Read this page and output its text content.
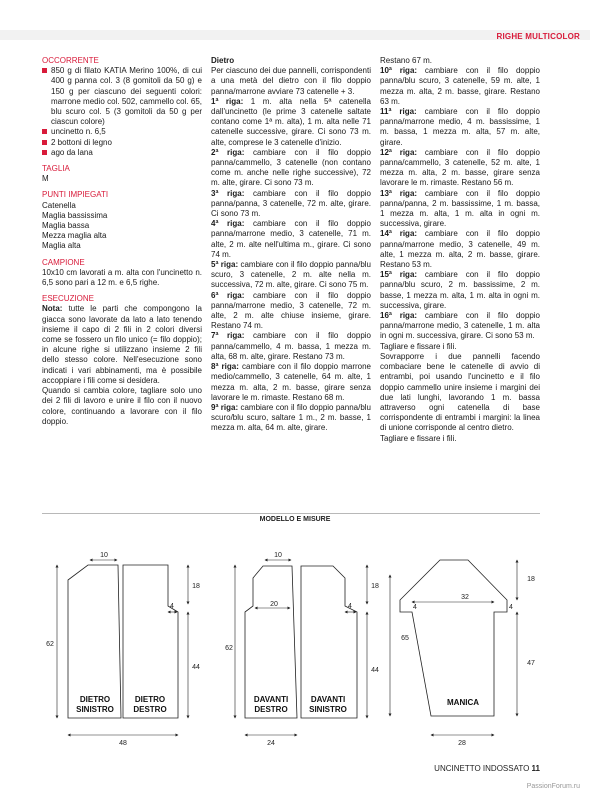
RIGHE MULTICOLOR
OCCORRENTE
850 g di filato KATIA Merino 100%, di cui 400 g panna col. 3 (8 gomitoli da 50 g) e 150 g per ciascuno dei seguenti colori: marrone medio col. 502, cammello col. 65, blu scuro col. 5 (3 gomitoli da 50 g per ciascun colore)
uncinetto n. 6,5
2 bottoni di legno
ago da lana
TAGLIA

M

PUNTI IMPIEGATI

Catenella

Maglia bassissima

Maglia bassa

Mezza maglia alta

Maglia alta

CAMPIONE

10x10 cm lavorati a m. alta con l'uncinetto n. 6,5 sono pari a 12 m. e 6,5 righe.

ESECUZIONE

Nota: tutte le parti che compongono la giacca sono lavorate da lato a lato tenendo insieme il capo di 2 fili in 2 colori diversi come se fossero un filo unico (= filo doppio); in alcune righe si utilizzano insieme 2 fili dello stesso colore. Nell'esecuzione sono indicati i vari abbinamenti, ma è possibile accoppiare i fili come si desidera.

Quando si cambia colore, tagliare solo uno dei 2 fili di lavoro e unire il filo con il nuovo colore, continuando a lavorare con il filo doppio.

Dietro

Per ciascuno dei due pannelli, corrispondenti a una metà del dietro con il filo doppio panna/marrone avviare 73 catenelle + 3.

1ª riga: 1 m. alta nella 5ª catenella dall'uncinetto (le prime 3 catenelle saltate contano come 1ª m. alta), 1 m. alta nelle 71 catenelle successive, girare. Ci sono 73 m. alte, comprese le 3 catenelle d'inizio.

2ª riga: cambiare con il filo doppio panna/cammello, 3 catenelle (non contano come m. anche nelle righe successive), 72 m. alte, girare. Ci sono 73 m.

3ª riga: cambiare con il filo doppio panna/panna, 3 catenelle, 72 m. alte, girare. Ci sono 73 m.

4ª riga: cambiare con il filo doppio panna/marrone medio, 3 catenelle, 71 m. alte, 2 m. alte nell'ultima m., girare. Ci sono 74 m.

5ª riga: cambiare con il filo doppio panna/blu scuro, 3 catenelle, 2 m. alte nella m. successiva, 72 m. alte, girare. Ci sono 75 m.

6ª riga: cambiare con il filo doppio panna/marrone medio, 3 catenelle, 72 m. alte, 2 m. alte chiuse insieme, girare. Restano 74 m.

7ª riga: cambiare con il filo doppio panna/cammello, 4 m. bassa, 1 mezza m. alta, 68 m. alte, girare. Restano 73 m.

8ª riga: cambiare con il filo doppio marrone medio/cammello, 3 catenelle, 64 m. alte, 1 mezza m. alta, 2 m. basse, girare senza lavorare le m. rimaste. Restano 68 m.

9ª riga: cambiare con il filo doppio panna/blu scuro/blu scuro, saltare 1 m., 2 m. basse, 1 mezza m. alta, 64 m. alte, girare.

Restano 67 m.

10ª riga: cambiare con il filo doppio panna/blu scuro, 3 catenelle, 59 m. alte, 1 mezza m. alta, 2 m. basse, girare. Restano 63 m.

11ª riga: cambiare con il filo doppio panna/marrone medio, 4 m. bassissime, 1 m. bassa, 1 mezza m. alta, 57 m. alte, girare.

12ª riga: cambiare con il filo doppio panna/cammello, 3 catenelle, 52 m. alte, 1 mezza m. alta, 2 m. basse, girare senza lavorare le m. rimaste. Restano 56 m.

13ª riga: cambiare con il filo doppio panna/panna, 2 m. bassissime, 1 m. bassa, 1 mezza m. alta, 1 m. alta in ogni m. successiva, girare.

14ª riga: cambiare con il filo doppio panna/marrone medio, 3 catenelle, 49 m. alte, 1 mezza m. alta, 2 m. basse, girare. Restano 53 m.

15ª riga: cambiare con il filo doppio panna/blu scuro, 2 m. bassissime, 2 m. basse, 1 mezza m. alta, 1 m. alta in ogni m. successiva, girare.

16ª riga: cambiare con il filo doppio panna/marrone medio, 3 catenelle, 1 m. alta in ogni m. successiva, girare. Ci sono 53 m.

Tagliare e fissare i fili.

Sovrapporre i due pannelli facendo combaciare bene le catenelle di avvio di entrambi, poi usando l'uncinetto e il filo doppio cammello unire insieme i margini dei due lati lunghi, lavorando 1 m. bassa attraverso ogni catenella di base corrispondente di entrambi i margini: la linea di unione corrisponde al centro dietro.

Tagliare e fissare i fili.

MODELLO E MISURE
10
62
18
4
44
48
10
20
62
18
4
44
24
32
4	4
65
18
47
28
DIETRO
SINISTRO
DIETRO
DESTRO
DAVANTI
DESTRO
DAVANTI
SINISTRO
MANICA
UNCINETTO INDOSSATO 11
PassionForum.ru
